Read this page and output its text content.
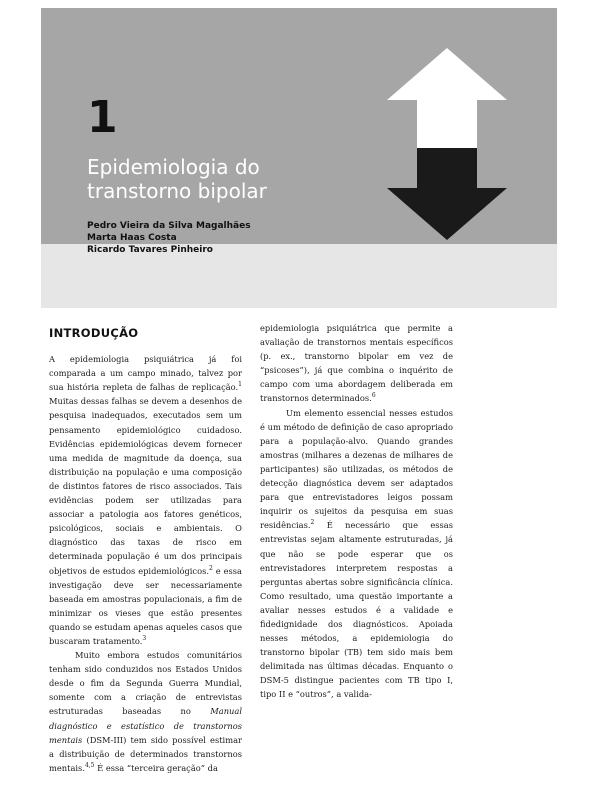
1
Epidemiologia do
transtorno bipolar
Pedro Vieira da Silva Magalhães
Marta Haas Costa
Ricardo Tavares Pinheiro
INTRODUÇÃO

A epidemiologia psiquiátrica já foi comparada a um campo minado, talvez por sua história repleta de falhas de replicação.$^1$ Muitas dessas falhas se devem a desenhos de pesquisa inadequados, executados sem um pensamento epidemiológico cuidadoso. Evidências epidemiológicas devem fornecer uma medida de magnitude da doença, sua distribuição na população e uma composição de distintos fatores de risco associados. Tais evidências podem ser utilizadas para associar a patologia aos fatores genéticos, psicológicos, sociais e ambientais. O diagnóstico das taxas de risco em determinada população é um dos principais objetivos de estudos epidemiológicos.$^2$ e essa investigação deve ser necessariamente baseada em amostras populacionais, a fim de minimizar os vieses que estão presentes quando se estudam apenas aqueles casos que buscaram tratamento.$^3$

Muito embora estudos comunitários tenham sido conduzidos nos Estados Unidos desde o fim da Segunda Guerra Mundial, somente com a criação de entrevistas estruturadas baseadas no Manual diagnóstico e estatístico de transtornos mentais (DSM-III) tem sido possível estimar a distribuição de determinados transtornos mentais.$^{4,5}$ É essa “terceira geração” da

epidemiologia psiquiátrica que permite a avaliação de transtornos mentais específicos (p. ex., transtorno bipolar em vez de “psicoses”), já que combina o inquérito de campo com uma abordagem deliberada em transtornos determinados.$^6$

Um elemento essencial nesses estudos é um método de definição de caso apropriado para a população-alvo. Quando grandes amostras (milhares a dezenas de milhares de participantes) são utilizadas, os métodos de detecção diagnóstica devem ser adaptados para que entrevistadores leigos possam inquirir os sujeitos da pesquisa em suas residências.$^2$ É necessário que essas entrevistas sejam altamente estruturadas, já que não se pode esperar que os entrevistadores interpretem respostas a perguntas abertas sobre significância clínica. Como resultado, uma questão importante a avaliar nesses estudos é a validade e fidedignidade dos diagnósticos. Apoiada nesses métodos, a epidemiologia do transtorno bipolar (TB) tem sido mais bem delimitada nas últimas décadas. Enquanto o DSM-5 distingue pacientes com TB tipo I, tipo II e “outros”, a valida-
